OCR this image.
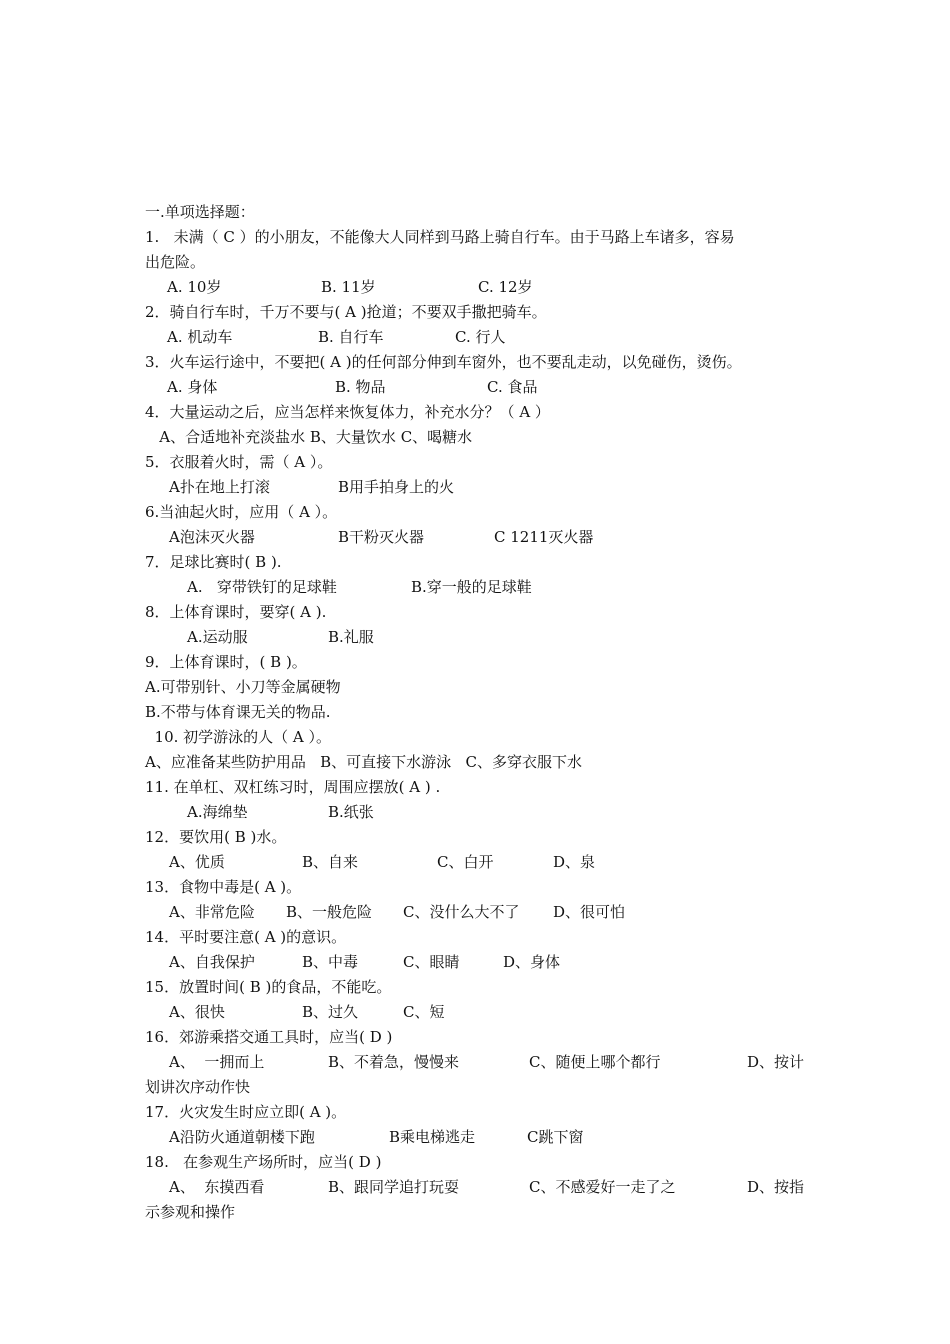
一.单项选择题：
1.   未满（ C ）的小朋友，不能像大人同样到马路上骑自行车。由于马路上车诸多，容易
出危险。

A. 10岁

	B. 11岁

	C. 12岁

2．骑自行车时，千万不要与( A )抢道；不要双手撒把骑车。

A. 机动车

	B. 自行车

	C. 行人

3．火车运行途中，不要把( A )的任何部分伸到车窗外，也不要乱走动，以免碰伤，烫伤。

A. 身体

	B. 物品

	C. 食品

4．大量运动之后，应当怎样来恢复体力，补充水分？（ A ）
A、合适地补充淡盐水 B、大量饮水 C、喝糖水
5．衣服着火时，需（ A ）。

A扑在地上打滚

	B用手拍身上的火

6.当油起火时，应用（ A ）。

A泡沫灭火器

	B干粉灭火器

	C 1211灭火器

7．足球比赛时( B ).

A.   穿带铁钉的足球鞋

	B.穿一般的足球鞋

8．上体育课时，要穿( A ).

A.运动服

	B.礼服

9．上体育课时，( B )。
A.可带别针、小刀等金属硬物
B.不带与体育课无关的物品.
10. 初学游泳的人（ A ）。
A、应准备某些防护用品   B、可直接下水游泳   C、多穿衣服下水
11. 在单杠、双杠练习时，周围应摆放( A ) .

A.海绵垫

	B.纸张

12．要饮用( B )水。

A、优质

	B、自来

	C、白开

	D、泉

13．食物中毒是( A )。

A、非常危险

B、一般危险

C、没什么大不了

D、很可怕

14．平时要注意( A )的意识。

A、自我保护

	B、中毒

	C、眼睛

	D、身体

15．放置时间( B )的食品，不能吃。

A、很快

	B、过久

	C、短

16．郊游乘搭交通工具时，应当( D )

A、  一拥而上

	B、不着急，慢慢来

	C、随便上哪个都行

	D、按计

划讲次序动作快
17．火灾发生时应立即( A )。

A沿防火通道朝楼下跑

	B乘电梯逃走

	C跳下窗

18.   在参观生产场所时，应当( D )

A、  东摸西看

	B、跟同学追打玩耍

	C、不感爱好一走了之

	D、按指

示参观和操作
